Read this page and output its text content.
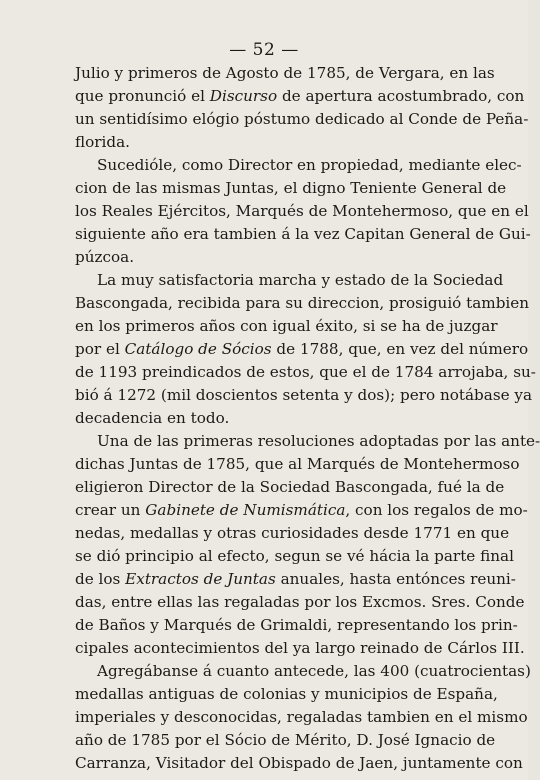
— 52 —
Julio y primeros de Agosto de 1785, de Vergara, en las
que pronunció el Discurso de apertura acostumbrado, con
un sentidísimo elógio póstumo dedicado al Conde de Peña-
florida.
Sucedióle, como Director en propiedad, mediante elec-
cion de las mismas Juntas, el digno Teniente General de
los Reales Ejércitos, Marqués de Montehermoso, que en el
siguiente año era tambien á la vez Capitan General de Gui-
púzcoa.
La muy satisfactoria marcha y estado de la Sociedad
Bascongada, recibida para su direccion, prosiguió tambien
en los primeros años con igual éxito, si se ha de juzgar
por el Catálogo de Sócios de 1788, que, en vez del número
de 1193 preindicados de estos, que el de 1784 arrojaba, su-
bió á 1272 (mil doscientos setenta y dos); pero notábase ya
decadencia en todo.
Una de las primeras resoluciones adoptadas por las ante-
dichas Juntas de 1785, que al Marqués de Montehermoso
eligieron Director de la Sociedad Bascongada, fué la de
crear un Gabinete de Numismática, con los regalos de mo-
nedas, medallas y otras curiosidades desde 1771 en que
se dió principio al efecto, segun se vé hácia la parte final
de los Extractos de Juntas anuales, hasta entónces reuni-
das, entre ellas las regaladas por los Excmos. Sres. Conde
de Baños y Marqués de Grimaldi, representando los prin-
cipales acontecimientos del ya largo reinado de Cárlos III.
Agregábanse á cuanto antecede, las 400 (cuatrocientas)
medallas antiguas de colonias y municipios de España,
imperiales y desconocidas, regaladas tambien en el mismo
año de 1785 por el Sócio de Mérito, D. José Ignacio de
Carranza, Visitador del Obispado de Jaen, juntamente con
